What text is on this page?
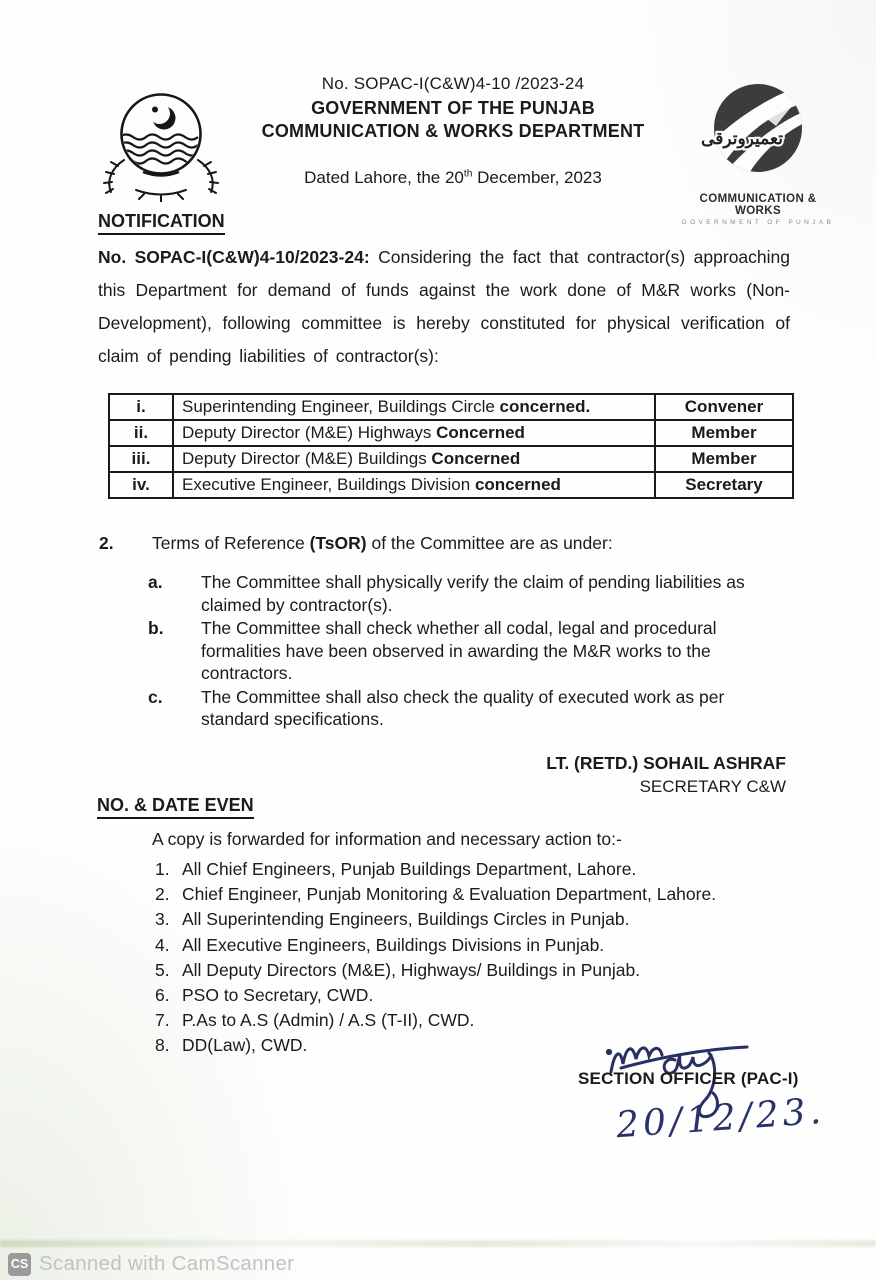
No. SOPAC-I(C&W)4-10 /2023-24
GOVERNMENT OF THE PUNJAB
COMMUNICATION & WORKS DEPARTMENT
Dated Lahore, the 20th December, 2023
تعمیروترقی
COMMUNICATION & WORKS
GOVERNMENT OF PUNJAB
NOTIFICATION
No. SOPAC-I(C&W)4-10/2023-24: Considering the fact that contractor(s) approaching this Department for demand of funds against the work done of M&R works (Non-Development), following committee is hereby constituted for physical verification of claim of pending liabilities of contractor(s):
i.	Superintending Engineer, Buildings Circle concerned.	Convener
ii.	Deputy Director (M&E) Highways Concerned	Member
iii.	Deputy Director (M&E) Buildings Concerned	Member
iv.	Executive Engineer, Buildings Division concerned	Secretary
2.	Terms of Reference (TsOR) of the Committee are as under:
a.	The Committee shall physically verify the claim of pending liabilities as claimed by contractor(s).
b.	The Committee shall check whether all codal, legal and procedural formalities have been observed in awarding the M&R works to the contractors.
c.	The Committee shall also check the quality of executed work as per standard specifications.
LT. (RETD.) SOHAIL ASHRAF
SECRETARY C&W
NO. & DATE EVEN
A copy is forwarded for information and necessary action to:-
1. All Chief Engineers, Punjab Buildings Department, Lahore.
2. Chief Engineer, Punjab Monitoring & Evaluation Department, Lahore.
3. All Superintending Engineers, Buildings Circles in Punjab.
4. All Executive Engineers, Buildings Divisions in Punjab.
5. All Deputy Directors (M&E), Highways/ Buildings in Punjab.
6. PSO to Secretary, CWD.
7. P.As to A.S (Admin) / A.S (T-II), CWD.
8. DD(Law), CWD.
SECTION OFFICER (PAC-I)
20/12/23.
CS Scanned with CamScanner
